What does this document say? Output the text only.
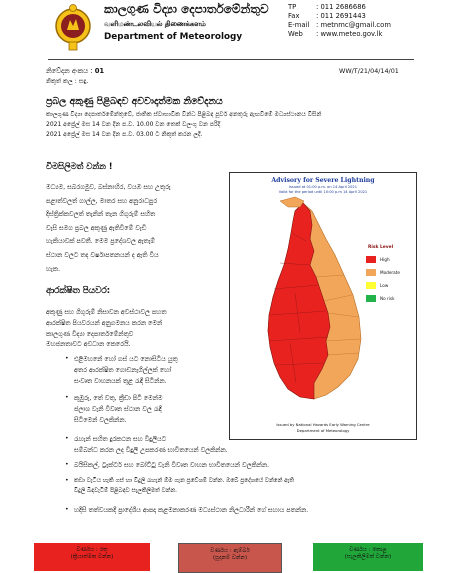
කාලගුණ විද්‍යා දෙපාර්තමේන්තුව
வளிமண்டலவியல் திணைக்களம்
Department of Meteorology
TP	: 011 2686686
Fax : 011 2691443
E-mail : metnmc@gmail.com
Web : www.meteo.gov.lk
නිවේදන අංකය : 01
නිකුත් කල : සඳු.
WW/T/21/04/14/01
ප්‍රබල අකුණු පිළිබඳව අවවාදාත්මක නිවේදනය
කාලගුණ විද්‍යා දෙපාර්තමේන්තුවේ, ජාතික ස්වාභාවික වින්ධ පිළිබඳ පූර්ව අනතුරු ඇඟවීමේ මධ්‍යස්ථානය විසින්
2021 අප්‍රේල් මස 14 වන දින ප.ව. 10.00 වන තෙක් වලංගු වන පරිදි
2021 අප්‍රේල් මස 14 වන දින ප.ව. 03.00 ට නිකුත් කරන ලදී.
විමසිලිමත් වන්න !
මධ්‍යම, සබරගමුව, බස්නාහිර, වයඹ සහ උතුරු
පළාත්වලත් ගාල්ල, මාතර සහ අනුරාධපුර
දිස්ත්‍රික්කවලත් තැනින් තැන ගිගුරුම් සහිත
වැසි සමග ප්‍රබල අකුණු ඇතිවීමේ වැඩි
හැකියාවක් පවතී. මෙම ප්‍රදේශවල ඇතැම්
ස්ථාන වලට තද වර්ෂාපතනයන් ද ඇති විය
හැක.
ආරක්ෂිත පියවර:
අකුණු සහ ගිගුරුම් නිසාවන අවස්ථාවල පහත
ආරක්ෂිත පියවරයන් අනුගමනය කරන මෙන්
කාලගුණ විද්‍යා දෙපාර්තමේන්තුව
මහජනතාවට අවධාන කෙරෙයි.
• එළිමහනේ හෝ ගස් යට නොසිටිය යුතු
අතර ආරක්ෂිත ගොඩනැගිල්ලක් හෝ
සංවෘත වාහනයක් තුළ රැඳී සිටින්න.
• කුඹුරු, තේ වතු, ක්‍රීඩා පිටි මෙන්ම
ජලාශ වැනි විවෘත ස්ථාන වල රැඳී
සිටීමෙන් වලකින්න.
• රැහැන් සහිත දුරකථන සහ විදුලියට
සම්බන්ධ කරන ලද විදුලි උපකරණ භාවිතයෙන් වලකින්න.
• බයිසිකල්, ට්‍රැක්ටර් සහ බෝට්ටු වැනි විවෘත වාහන භාවිතයෙන් වලකින්න.
• කඩා වැටිය හැකි ගස් හා විදුලි රැහැන් ඕම ගැන ප්‍රවේශම් වන්න. ඔබේ ප්‍රදේශයේ වන්නේ ඇති
විදුලි බිඳවැටීම් පිළිබඳව සැලකිලිමත් වන්න.
• හදිසි තත්වයකදී ප්‍රාදේශීය ආපදා කළමනාකරණ මධ්‍යස්ථාන නිලධාරීන් ගේ සහාය පතන්න.
Advisory for Severe Lightning
Issued at 01:00 p.m. on 14 April 2021
Valid for the period until 10:00 p.m 14 April 2021
Risk Level
High
Moderate
Low
No risk
Issued by National Hazards Early Warning Centre
Department of Meteorology
වර්ණය : රතු
(ක්‍රියාත්මක වන්න)
වර්ණය : ඇම්බර්
(සූදානම් වන්න)
වර්ණය : කොළ
(සැලකිලිමත් වන්න)
